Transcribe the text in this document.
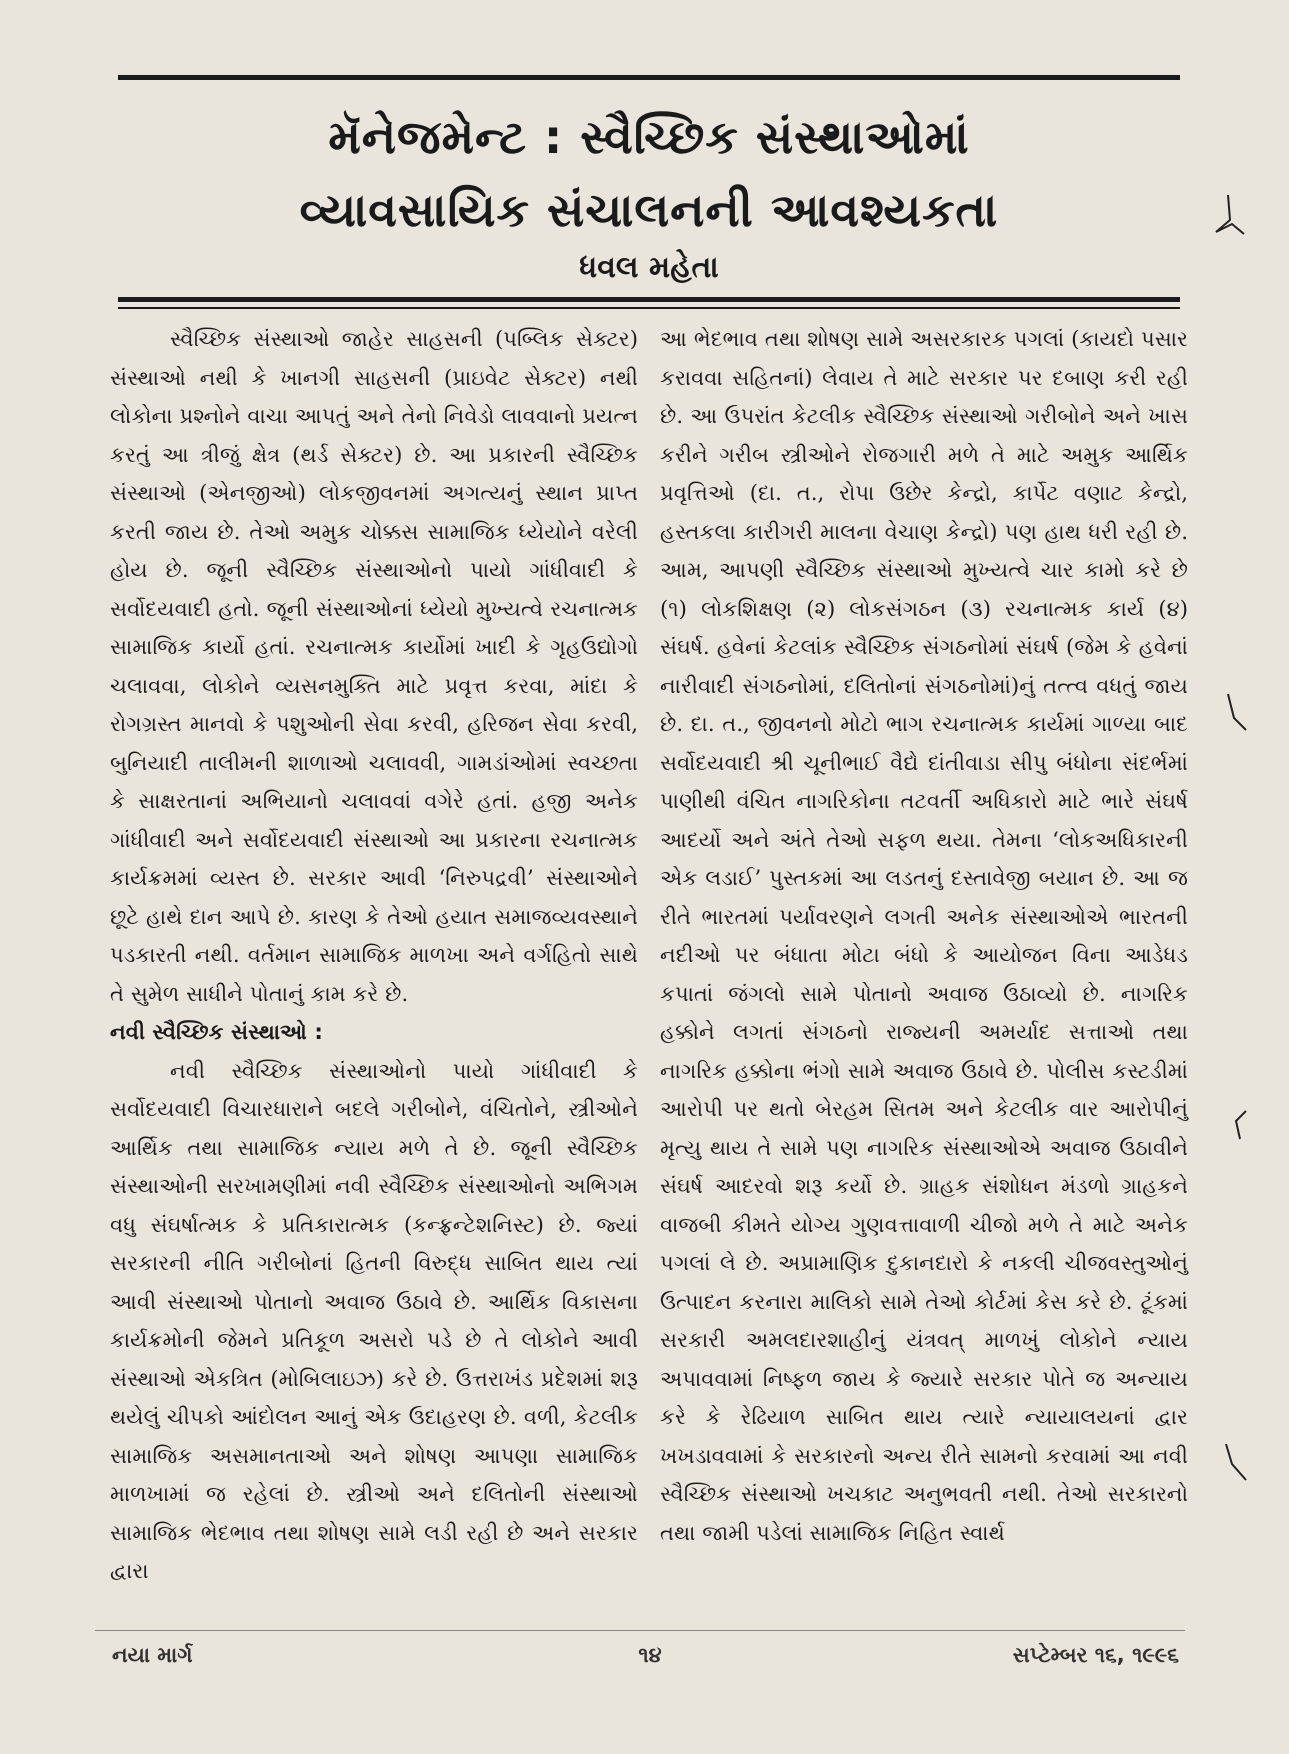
મૅનેજમેન્ટ : સ્વૈચ્છિક સંસ્થાઓમાં
વ્યાવસાયિક સંચાલનની આવશ્યકતા
ધવલ મહેતા

સ્વૈચ્છિક સંસ્થાઓ જાહેર સાહસની (પબ્લિક સેક્ટર) સંસ્થાઓ નથી કે ખાનગી સાહસની (પ્રાઇવેટ સેક્ટર) નથી લોકોના પ્રશ્નોને વાચા આપતું અને તેનો નિવેડો લાવવાનો પ્રયત્ન કરતું આ ત્રીજું ક્ષેત્ર (થર્ડ સેક્ટર) છે. આ પ્રકારની સ્વૈચ્છિક સંસ્થાઓ (એનજીઓ) લોકજીવનમાં અગત્યનું સ્થાન પ્રાપ્ત કરતી જાય છે. તેઓ અમુક ચોક્કસ સામાજિક ધ્યેયોને વરેલી હોય છે. જૂની સ્વૈચ્છિક સંસ્થાઓનો પાયો ગાંધીવાદી કે સર્વોદયવાદી હતો. જૂની સંસ્થાઓનાં ધ્યેયો મુખ્યત્વે રચનાત્મક સામાજિક કાર્યો હતાં. રચનાત્મક કાર્યોમાં ખાદી કે ગૃહઉદ્યોગો ચલાવવા, લોકોને વ્યસનમુક્તિ માટે પ્રવૃત્ત કરવા, માંદા કે રોગગ્રસ્ત માનવો કે પશુઓની સેવા કરવી, હરિજન સેવા કરવી, બુનિયાદી તાલીમની શાળાઓ ચલાવવી, ગામડાંઓમાં સ્વચ્છતા કે સાક્ષરતાનાં અભિયાનો ચલાવવાં વગેરે હતાં. હજી અનેક ગાંધીવાદી અને સર્વોદયવાદી સંસ્થાઓ આ પ્રકારના રચનાત્મક કાર્યક્રમમાં વ્યસ્ત છે. સરકાર આવી ‘નિરુપદ્રવી’ સંસ્થાઓને છૂટે હાથે દાન આપે છે. કારણ કે તેઓ હયાત સમાજવ્યવસ્થાને પડકારતી નથી. વર્તમાન સામાજિક માળખા અને વર્ગહિતો સાથે તે સુમેળ સાધીને પોતાનું કામ કરે છે.

નવી સ્વૈચ્છિક સંસ્થાઓ :

નવી સ્વૈચ્છિક સંસ્થાઓનો પાયો ગાંધીવાદી કે સર્વોદયવાદી વિચારધારાને બદલે ગરીબોને, વંચિતોને, સ્ત્રીઓને આર્થિક તથા સામાજિક ન્યાય મળે તે છે. જૂની સ્વૈચ્છિક સંસ્થાઓની સરખામણીમાં નવી સ્વૈચ્છિક સંસ્થાઓનો અભિગમ વધુ સંઘર્ષાત્મક કે પ્રતિકારાત્મક (કન્ફ્રન્ટેશનિસ્ટ) છે. જ્યાં સરકારની નીતિ ગરીબોનાં હિતની વિરુદ્ધ સાબિત થાય ત્યાં આવી સંસ્થાઓ પોતાનો અવાજ ઉઠાવે છે. આર્થિક વિકાસના કાર્યક્રમોની જેમને પ્રતિકૂળ અસરો પડે છે તે લોકોને આવી સંસ્થાઓ એકત્રિત (મોબિલાઇઝ) કરે છે. ઉત્તરાખંડ પ્રદેશમાં શરૂ થયેલું ચીપકો આંદોલન આનું એક ઉદાહરણ છે. વળી, કેટલીક સામાજિક અસમાનતાઓ અને શોષણ આપણા સામાજિક માળખામાં જ રહેલાં છે. સ્ત્રીઓ અને દલિતોની સંસ્થાઓ સામાજિક ભેદભાવ તથા શોષણ સામે લડી રહી છે અને સરકાર દ્વારા

આ ભેદભાવ તથા શોષણ સામે અસરકારક પગલાં (કાયદો પસાર કરાવવા સહિતનાં) લેવાય તે માટે સરકાર પર દબાણ કરી રહી છે. આ ઉપરાંત કેટલીક સ્વૈચ્છિક સંસ્થાઓ ગરીબોને અને ખાસ કરીને ગરીબ સ્ત્રીઓને રોજગારી મળે તે માટે અમુક આર્થિક પ્રવૃત્તિઓ (દા. ત., રોપા ઉછેર કેન્દ્રો, કાર્પેટ વણાટ કેન્દ્રો, હસ્તકલા કારીગરી માલના વેચાણ કેન્દ્રો) પણ હાથ ધરી રહી છે. આમ, આપણી સ્વૈચ્છિક સંસ્થાઓ મુખ્યત્વે ચાર કામો કરે છે (૧) લોકશિક્ષણ (૨) લોકસંગઠન (૩) રચનાત્મક કાર્ય (૪) સંઘર્ષ. હવેનાં કેટલાંક સ્વૈચ્છિક સંગઠનોમાં સંઘર્ષ (જેમ કે હવેનાં નારીવાદી સંગઠનોમાં, દલિતોનાં સંગઠનોમાં)નું તત્ત્વ વધતું જાય છે. દા. ત., જીવનનો મોટો ભાગ રચનાત્મક કાર્યમાં ગાળ્યા બાદ સર્વોદયવાદી શ્રી ચૂનીભાઈ વૈદ્યે દાંતીવાડા સીપુ બંધોના સંદર્ભમાં પાણીથી વંચિત નાગરિકોના તટવર્તી અધિકારો માટે ભારે સંઘર્ષ આદર્યો અને અંતે તેઓ સફળ થયા. તેમના ‘લોકઅધિકારની એક લડાઈ’ પુસ્તકમાં આ લડતનું દસ્તાવેજી બયાન છે. આ જ રીતે ભારતમાં પર્યાવરણને લગતી અનેક સંસ્થાઓએ ભારતની નદીઓ પર બંધાતા મોટા બંધો કે આયોજન વિના આડેધડ કપાતાં જંગલો સામે પોતાનો અવાજ ઉઠાવ્યો છે. નાગરિક હક્કોને લગતાં સંગઠનો રાજ્યની અમર્યાદ સત્તાઓ તથા નાગરિક હક્કોના ભંગો સામે અવાજ ઉઠાવે છે. પોલીસ કસ્ટડીમાં આરોપી પર થતો બેરહમ સિતમ અને કેટલીક વાર આરોપીનું મૃત્યુ થાય તે સામે પણ નાગરિક સંસ્થાઓએ અવાજ ઉઠાવીને સંઘર્ષ આદરવો શરૂ કર્યો છે. ગ્રાહક સંશોધન મંડળો ગ્રાહકને વાજબી કીમતે યોગ્ય ગુણવત્તાવાળી ચીજો મળે તે માટે અનેક પગલાં લે છે. અપ્રામાણિક દુકાનદારો કે નકલી ચીજવસ્તુઓનું ઉત્પાદન કરનારા માલિકો સામે તેઓ કોર્ટમાં કેસ કરે છે. ટૂંકમાં સરકારી અમલદારશાહીનું યંત્રવત્ માળખું લોકોને ન્યાય અપાવવામાં નિષ્ફળ જાય કે જ્યારે સરકાર પોતે જ અન્યાય કરે કે રેઢિયાળ સાબિત થાય ત્યારે ન્યાયાલયનાં દ્વાર ખખડાવવામાં કે સરકારનો અન્ય રીતે સામનો કરવામાં આ નવી સ્વૈચ્છિક સંસ્થાઓ ખચકાટ અનુભવતી નથી. તેઓ સરકારનો તથા જામી પડેલાં સામાજિક નિહિત સ્વાર્થ

નયા માર્ગ	૧૪	સપ્ટેમ્બર ૧૬, ૧૯૯૬
